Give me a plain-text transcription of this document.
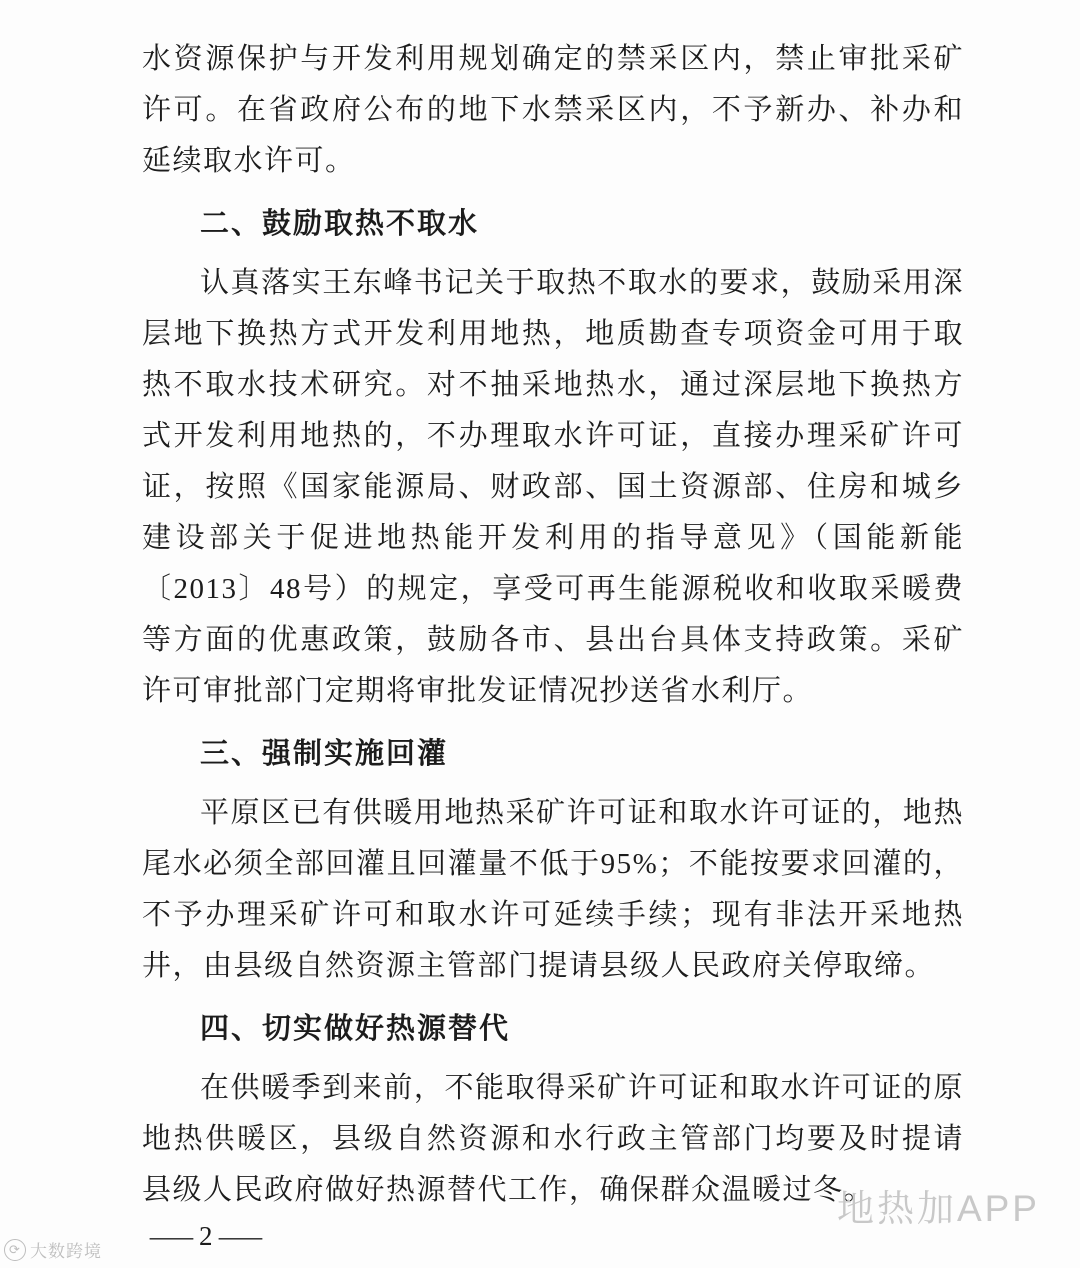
水资源保护与开发利用规划确定的禁采区内，禁止审批采矿许可。在省政府公布的地下水禁采区内，不予新办、补办和延续取水许可。

二、鼓励取热不取水

认真落实王东峰书记关于取热不取水的要求，鼓励采用深层地下换热方式开发利用地热，地质勘查专项资金可用于取热不取水技术研究。对不抽采地热水，通过深层地下换热方式开发利用地热的，不办理取水许可证，直接办理采矿许可证，按照《国家能源局、财政部、国土资源部、住房和城乡建设部关于促进地热能开发利用的指导意见》（国能新能〔2013〕48号）的规定，享受可再生能源税收和收取采暖费等方面的优惠政策，鼓励各市、县出台具体支持政策。采矿许可审批部门定期将审批发证情况抄送省水利厅。

三、强制实施回灌

平原区已有供暖用地热采矿许可证和取水许可证的，地热尾水必须全部回灌且回灌量不低于95%；不能按要求回灌的，不予办理采矿许可和取水许可延续手续；现有非法开采地热井，由县级自然资源主管部门提请县级人民政府关停取缔。

四、切实做好热源替代

在供暖季到来前，不能取得采矿许可证和取水许可证的原地热供暖区，县级自然资源和水行政主管部门均要及时提请县级人民政府做好热源替代工作，确保群众温暖过冬。

— 2 —
⟳ 大数跨境
地热加APP
